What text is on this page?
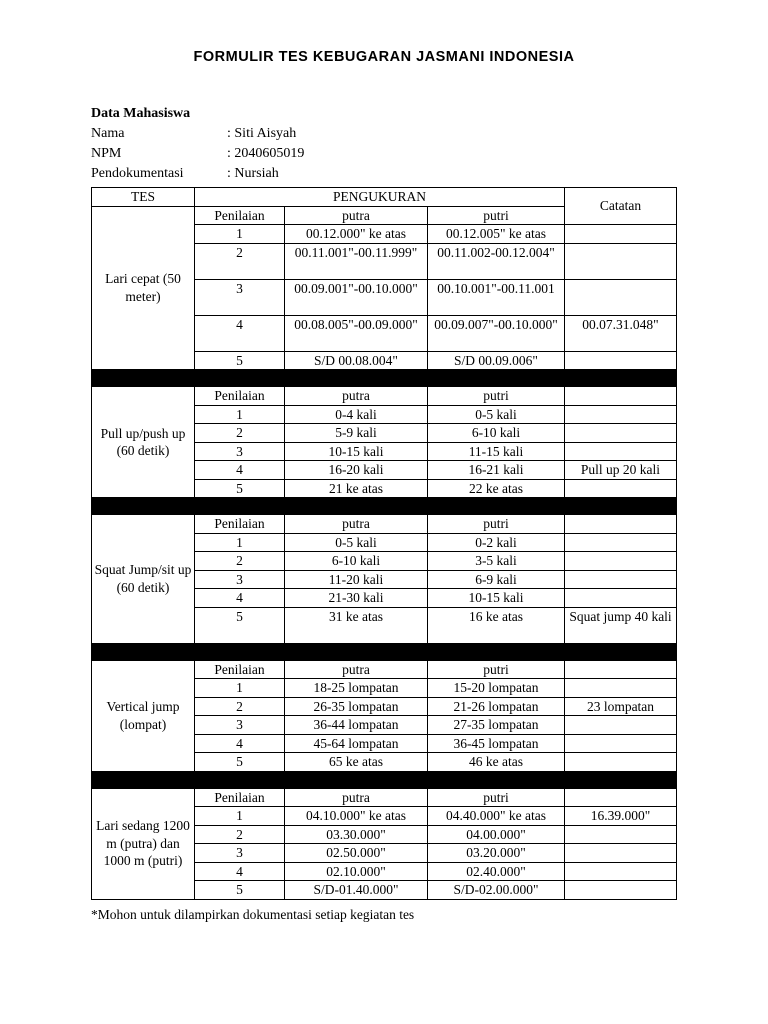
FORMULIR TES KEBUGARAN JASMANI INDONESIA
Data Mahasiswa
Nama	: Siti Aisyah
NPM	: 2040605019
Pendokumentasi	: Nursiah
TES	PENGUKURAN			Catatan
Lari cepat (50 meter)	Penilaian	putra	putri	
	1	00.12.000" ke atas	00.12.005" ke atas	
	2	00.11.001"-00.11.999"	00.11.002-00.12.004"	
	3	00.09.001"-00.10.000"	00.10.001"-00.11.001	
	4	00.08.005"-00.09.000"	00.09.007"-00.10.000"	00.07.31.048"
	5	S/D 00.08.004"	S/D 00.09.006"	

Pull up/push up (60 detik)	Penilaian	putra	putri	
	1	0-4 kali	0-5 kali	
	2	5-9 kali	6-10 kali	
	3	10-15 kali	11-15 kali	
	4	16-20 kali	16-21 kali	Pull up 20 kali
	5	21 ke atas	22 ke atas	

Squat Jump/sit up (60 detik)	Penilaian	putra	putri	
	1	0-5 kali	0-2 kali	
	2	6-10 kali	3-5 kali	
	3	11-20 kali	6-9 kali	
	4	21-30 kali	10-15 kali	
	5	31 ke atas	16 ke atas	Squat jump 40 kali

Vertical jump (lompat)	Penilaian	putra	putri	
	1	18-25 lompatan	15-20 lompatan	
	2	26-35 lompatan	21-26 lompatan	23 lompatan
	3	36-44 lompatan	27-35 lompatan	
	4	45-64 lompatan	36-45 lompatan	
	5	65 ke atas	46 ke atas	

Lari sedang 1200 m (putra) dan 1000 m (putri)	Penilaian	putra	putri	
	1	04.10.000" ke atas	04.40.000" ke atas	16.39.000"
	2	03.30.000"	04.00.000"	
	3	02.50.000"	03.20.000"	
	4	02.10.000"	02.40.000"	
	5	S/D-01.40.000"	S/D-02.00.000"	
*Mohon untuk dilampirkan dokumentasi setiap kegiatan tes
